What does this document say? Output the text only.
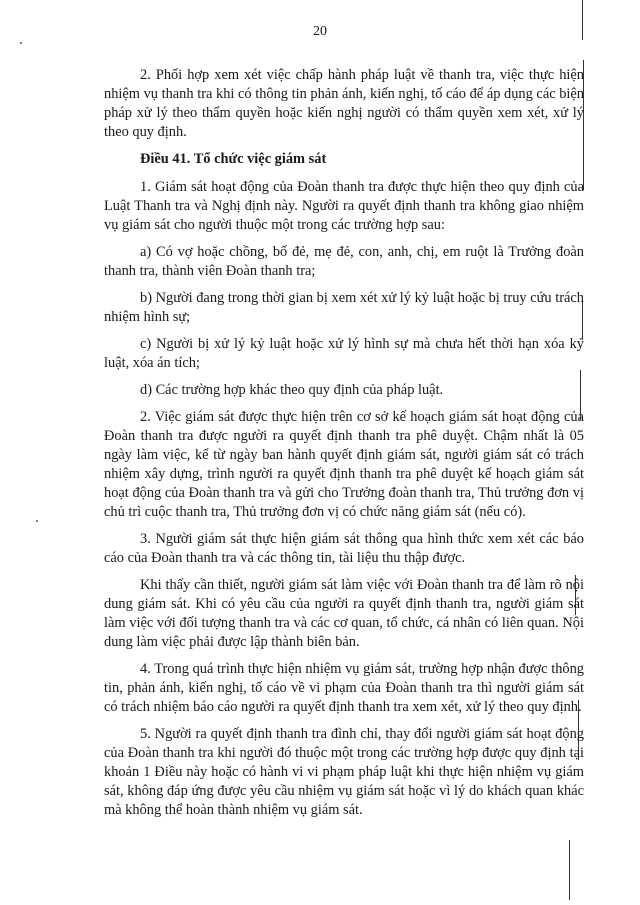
20

2. Phối hợp xem xét việc chấp hành pháp luật về thanh tra, việc thực hiện nhiệm vụ thanh tra khi có thông tin phản ánh, kiến nghị, tố cáo để áp dụng các biện pháp xử lý theo thẩm quyền hoặc kiến nghị người có thẩm quyền xem xét, xử lý theo quy định.

Điều 41. Tổ chức việc giám sát

1. Giám sát hoạt động của Đoàn thanh tra được thực hiện theo quy định của Luật Thanh tra và Nghị định này. Người ra quyết định thanh tra không giao nhiệm vụ giám sát cho người thuộc một trong các trường hợp sau:

a) Có vợ hoặc chồng, bố đẻ, mẹ đẻ, con, anh, chị, em ruột là Trưởng đoàn thanh tra, thành viên Đoàn thanh tra;

b) Người đang trong thời gian bị xem xét xử lý kỷ luật hoặc bị truy cứu trách nhiệm hình sự;

c) Người bị xử lý kỷ luật hoặc xử lý hình sự mà chưa hết thời hạn xóa kỷ luật, xóa án tích;

d) Các trường hợp khác theo quy định của pháp luật.

2. Việc giám sát được thực hiện trên cơ sở kế hoạch giám sát hoạt động của Đoàn thanh tra được người ra quyết định thanh tra phê duyệt. Chậm nhất là 05 ngày làm việc, kể từ ngày ban hành quyết định giám sát, người giám sát có trách nhiệm xây dựng, trình người ra quyết định thanh tra phê duyệt kế hoạch giám sát hoạt động của Đoàn thanh tra và gửi cho Trưởng đoàn thanh tra, Thủ trưởng đơn vị chủ trì cuộc thanh tra, Thủ trưởng đơn vị có chức năng giám sát (nếu có).

3. Người giám sát thực hiện giám sát thông qua hình thức xem xét các báo cáo của Đoàn thanh tra và các thông tin, tài liệu thu thập được.

Khi thấy cần thiết, người giám sát làm việc với Đoàn thanh tra để làm rõ nội dung giám sát. Khi có yêu cầu của người ra quyết định thanh tra, người giám sát làm việc với đối tượng thanh tra và các cơ quan, tổ chức, cá nhân có liên quan. Nội dung làm việc phải được lập thành biên bản.

4. Trong quá trình thực hiện nhiệm vụ giám sát, trường hợp nhận được thông tin, phản ánh, kiến nghị, tố cáo về vi phạm của Đoàn thanh tra thì người giám sát có trách nhiệm báo cáo người ra quyết định thanh tra xem xét, xử lý theo quy định.

5. Người ra quyết định thanh tra đình chỉ, thay đổi người giám sát hoạt động của Đoàn thanh tra khi người đó thuộc một trong các trường hợp được quy định tại khoản 1 Điều này hoặc có hành vi vi phạm pháp luật khi thực hiện nhiệm vụ giám sát, không đáp ứng được yêu cầu nhiệm vụ giám sát hoặc vì lý do khách quan khác mà không thể hoàn thành nhiệm vụ giám sát.
